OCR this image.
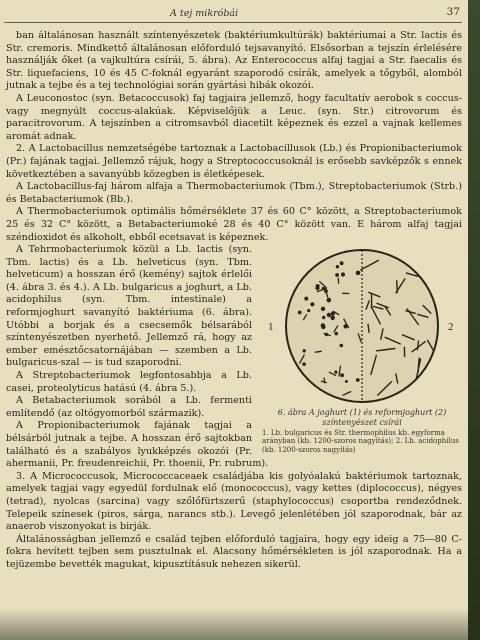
A tej mikróbái	37

ban általánosan használt színtenyészetek (baktériumkultúrák) baktériumai a Str. lactis és Str. cremoris. Mindkettő általánosan előforduló tejsavanyító. Elsősorban a tejszín érlelésére használják őket (a vajkultúra csírái, 5. ábra). Az Enterococcus alfaj tagjai a Str. faecalis és Str. liquefaciens, 10 és 45 C-foknál egyaránt szaporodó csírák, amelyek a tőgyből, alomból jutnak a tejbe és a tej technológiai során gyártási hibák okozói.

A Leuconostoc (syn. Betacoccusok) faj tagjaira jellemző, hogy facultatív aerobok s coccus- vagy megnyúlt coccus-alakúak. Képviselőjük a Leuc. (syn. Str.) citrovorum és paracitrovorum. A tejszínben a citromsavból diacetilt képeznek és ezzel a vajnak kellemes aromát adnak.

2. A Lactobacillus nemzetségébe tartoznak a Lactobacillusok (Lb.) és Propionibacteriumok (Pr.) fajának tagjai. Jellemző rájuk, hogy a Streptococcusoknál is erősebb savképzők s ennek következtében a savanyúbb közegben is életképesek.

A Lactobacillus-faj három alfaja a Thermobacteriumok (Tbm.), Streptobacteriumok (Strb.) és Betabacteriumok (Bb.).

A Thermobacteriumok optimális hőmérséklete 37 és 60 C° között, a Streptobacteriumok 25 és 32 C° között, a Betabacteriumoké 28 és 40 C° között van. E három alfaj tagjai széndioxidot és alkoholt, ebből ecetsavat is képeznek.

1	2
6. ábra A joghurt (1) és reformjoghurt (2) színtenyészet csírái
1. Lb. bulgaricus és Str. thermophilus kb. egyforma arányban (kb. 1200-szoros nagyítás); 2. Lb. acidophilus (kb. 1200-szoros nagyítás)

A Tehrmobacteriumok közül a Lb. lactis (syn. Tbm. lactis) és a Lb. helveticus (syn. Tbm. helveticum) a hosszan érő (kemény) sajtok érlelői (4. ábra 3. és 4.). A Lb. bulgaricus a joghurt, a Lb. acidophilus (syn. Tbm. intestinale) a reformjoghurt savanyító baktériuma (6. ábra). Utóbbi a borjak és a csecsemők bélsarából színtenyészetben nyerhető. Jellemző rá, hogy az ember emésztőcsatornájában — szemben a Lb. bulgaricus-szal — is tud szaporodni.

A Streptobacteriumok legfontosabbja a Lb. casei, proteolyticus hatású (4. ábra 5.).

A Betabacteriumok sorából a Lb. fermenti említendő (az oltógyomorból származik).

A Propionibacteriumok fajának tagjai a bélsárból jutnak a tejbe. A hosszan érő sajtokban található és a szabályos lyukképzés okozói (Pr. ahermanii, Pr. freudenreichii, Pr. thoenii, Pr. rubrum).

3. A Micrococcusok, Micrococcaceaek családjába kis golyóalakú baktériumok tartoznak, amelyek tagjai vagy egyedül fordulnak elő (monococcus), vagy kettes (diplococcus), négyes (tetrad), nyolcas (sarcina) vagy szőlőfürtszerű (staphylococcus) csoportba rendeződnek. Telepeik színesek (piros, sárga, narancs stb.). Levegő jelenlétében jól szaporodnak, bár az anaerob viszonyokat is birják.

Általánosságban jellemző e család tejben előforduló tagjaira, hogy egy ideig a 75—80 C-fokra hevített tejben sem pusztulnak el. Alacsony hőmérsékleten is jól szaporodnak. Ha a tejüzembe bevették magukat, kipusztításuk nehezen sikerül.
